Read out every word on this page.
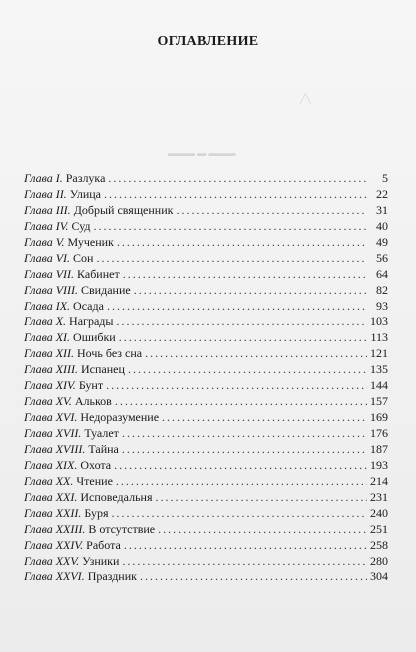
▬▬▬ ▬ ▬▬▬
╱╲
ОГЛАВЛЕНИЕ
Глава I. Разлука .....	5
Глава II. Улица .....	22
Глава III. Добрый священник .....	31
Глава IV. Суд .....	40
Глава V. Мученик .....	49
Глава VI. Сон .....	56
Глава VII. Кабинет .....	64
Глава VIII. Свидание .....	82
Глава IX. Осада .....	93
Глава X. Награды .....	103
Глава XI. Ошибки .....	113
Глава XII. Ночь без сна .....	121
Глава XIII. Испанец .....	135
Глава XIV. Бунт .....	144
Глава XV. Альков .....	157
Глава XVI. Недоразумение .....	169
Глава XVII. Туалет .....	176
Глава XVIII. Тайна .....	187
Глава XIX. Охота .....	193
Глава XX. Чтение .....	214
Глава XXI. Исповедальня .....	231
Глава XXII. Буря .....	240
Глава XXIII. В отсутствие .....	251
Глава XXIV. Работа .....	258
Глава XXV. Узники .....	280
Глава XXVI. Праздник .....	304
